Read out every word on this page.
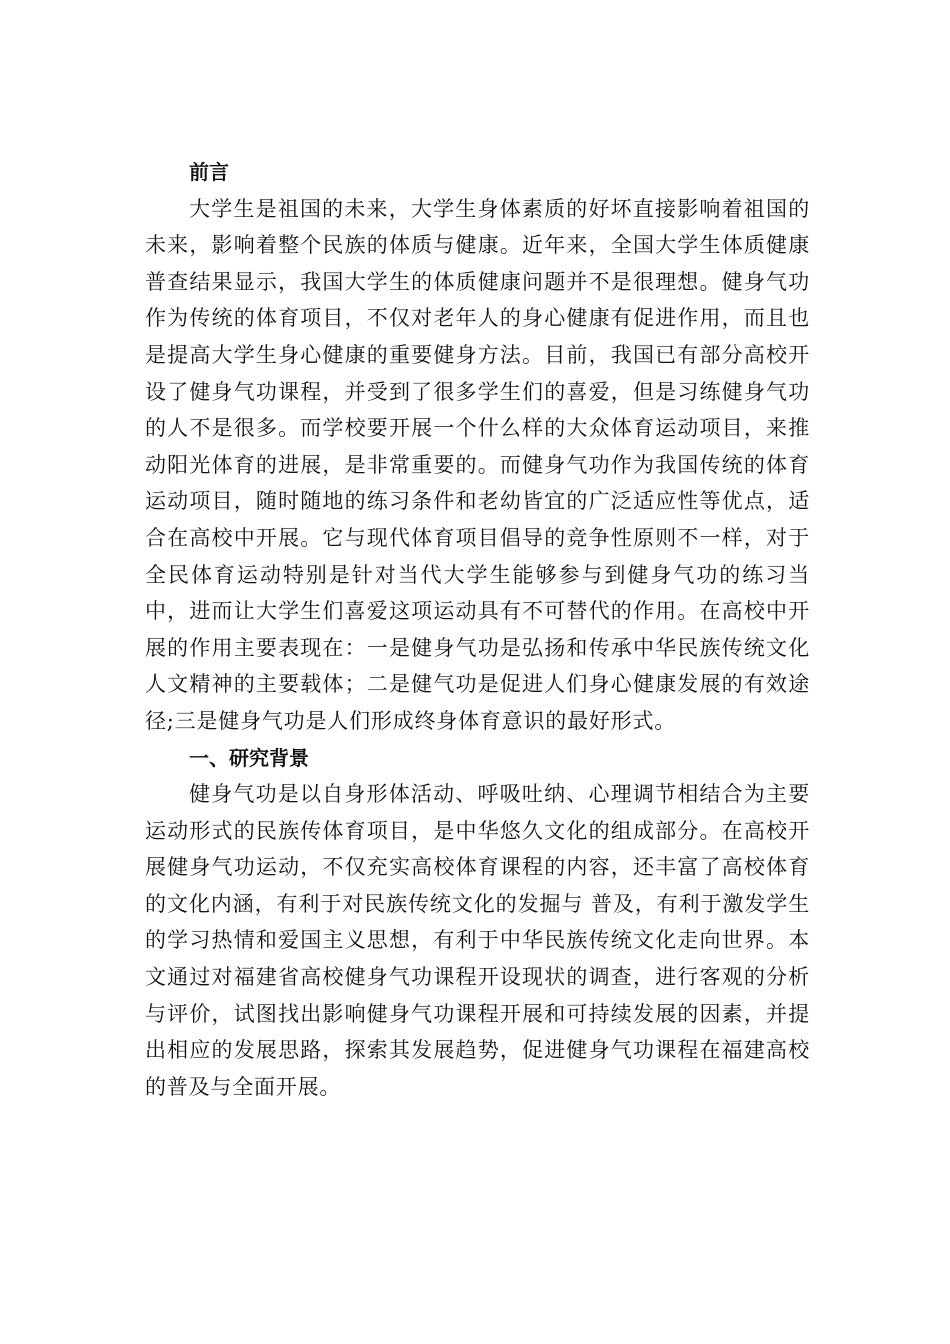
前言

大学生是祖国的未来，大学生身体素质的好坏直接影响着祖国的未来，影响着整个民族的体质与健康。近年来，全国大学生体质健康普查结果显示，我国大学生的体质健康问题并不是很理想。健身气功作为传统的体育项目，不仅对老年人的身心健康有促进作用，而且也是提高大学生身心健康的重要健身方法。目前，我国已有部分高校开设了健身气功课程，并受到了很多学生们的喜爱，但是习练健身气功的人不是很多。而学校要开展一个什么样的大众体育运动项目，来推动阳光体育的进展，是非常重要的。而健身气功作为我国传统的体育运动项目，随时随地的练习条件和老幼皆宜的广泛适应性等优点，适合在高校中开展。它与现代体育项目倡导的竞争性原则不一样，对于全民体育运动特别是针对当代大学生能够参与到健身气功的练习当中，进而让大学生们喜爱这项运动具有不可替代的作用。在高校中开展的作用主要表现在：一是健身气功是弘扬和传承中华民族传统文化人文精神的主要载体；二是健气功是促进人们身心健康发展的有效途径;三是健身气功是人们形成终身体育意识的最好形式。

一、研究背景

健身气功是以自身形体活动、呼吸吐纳、心理调节相结合为主要运动形式的民族传体育项目，是中华悠久文化的组成部分。在高校开展健身气功运动，不仅充实高校体育课程的内容，还丰富了高校体育的文化内涵，有利于对民族传统文化的发掘与 普及，有利于激发学生的学习热情和爱国主义思想，有利于中华民族传统文化走向世界。本文通过对福建省高校健身气功课程开设现状的调查，进行客观的分析与评价，试图找出影响健身气功课程开展和可持续发展的因素，并提出相应的发展思路，探索其发展趋势，促进健身气功课程在福建高校的普及与全面开展。
